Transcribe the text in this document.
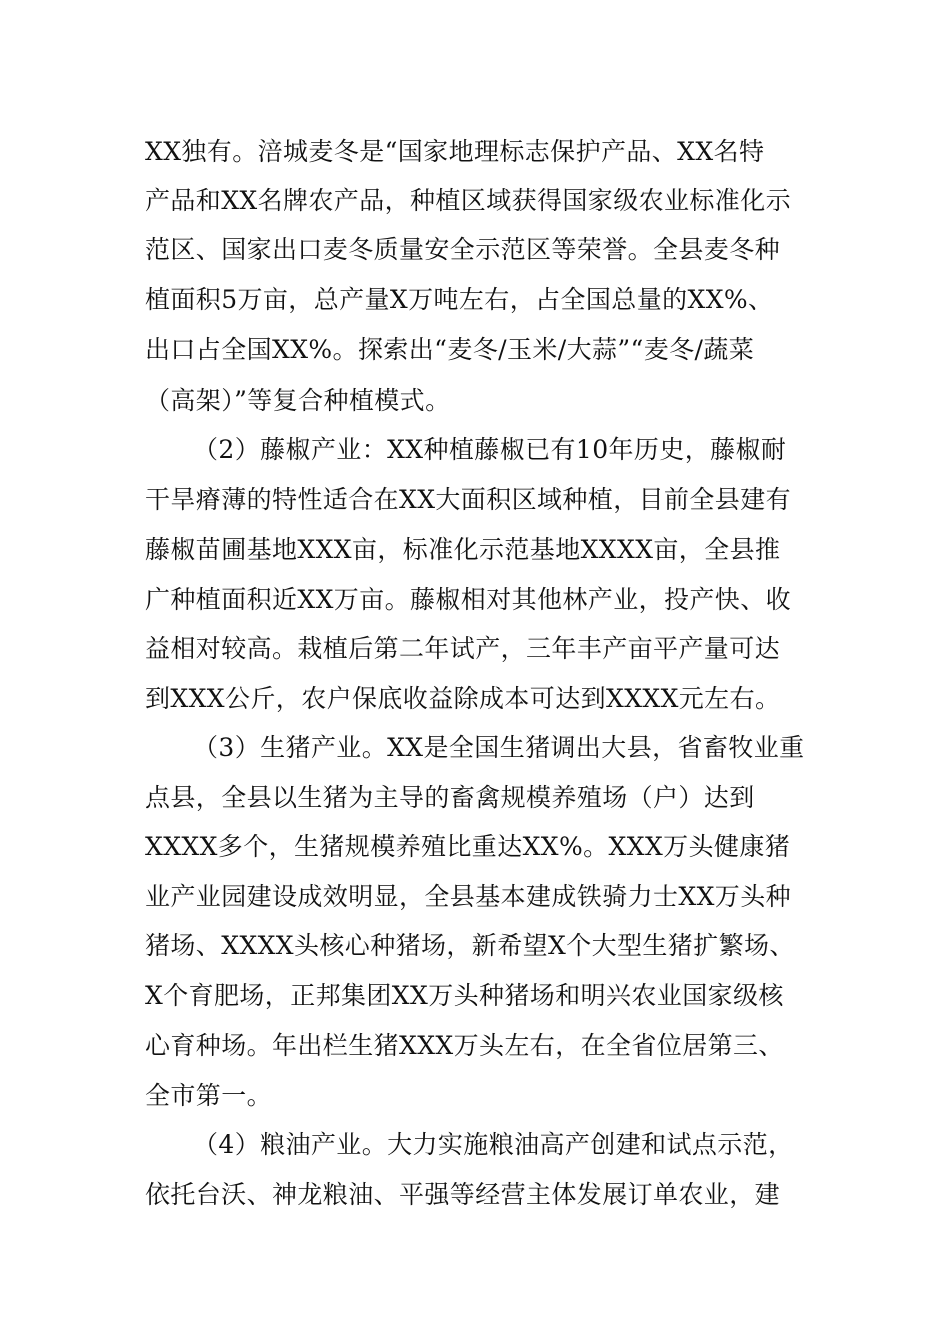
XX独有。涪城麦冬是“国家地理标志保护产品、XX名特
产品和XX名牌农产品，种植区域获得国家级农业标准化示
范区、国家出口麦冬质量安全示范区等荣誉。全县麦冬种
植面积5万亩，总产量X万吨左右，占全国总量的XX%、
出口占全国XX%。探索出“麦冬/玉米/大蒜”“麦冬/蔬菜
（高架）”等复合种植模式。
（2）藤椒产业：XX种植藤椒已有10年历史，藤椒耐
干旱瘠薄的特性适合在XX大面积区域种植，目前全县建有
藤椒苗圃基地XXX亩，标准化示范基地XXXX亩，全县推
广种植面积近XX万亩。藤椒相对其他林产业，投产快、收
益相对较高。栽植后第二年试产，三年丰产亩平产量可达
到XXX公斤，农户保底收益除成本可达到XXXX元左右。
（3）生猪产业。XX是全国生猪调出大县，省畜牧业重
点县，全县以生猪为主导的畜禽规模养殖场（户）达到
XXXX多个，生猪规模养殖比重达XX%。XXX万头健康猪
业产业园建设成效明显，全县基本建成铁骑力士XX万头种
猪场、XXXX头核心种猪场，新希望X个大型生猪扩繁场、
X个育肥场，正邦集团XX万头种猪场和明兴农业国家级核
心育种场。年出栏生猪XXX万头左右，在全省位居第三、
全市第一。
（4）粮油产业。大力实施粮油高产创建和试点示范，
依托台沃、神龙粮油、平强等经营主体发展订单农业，建
